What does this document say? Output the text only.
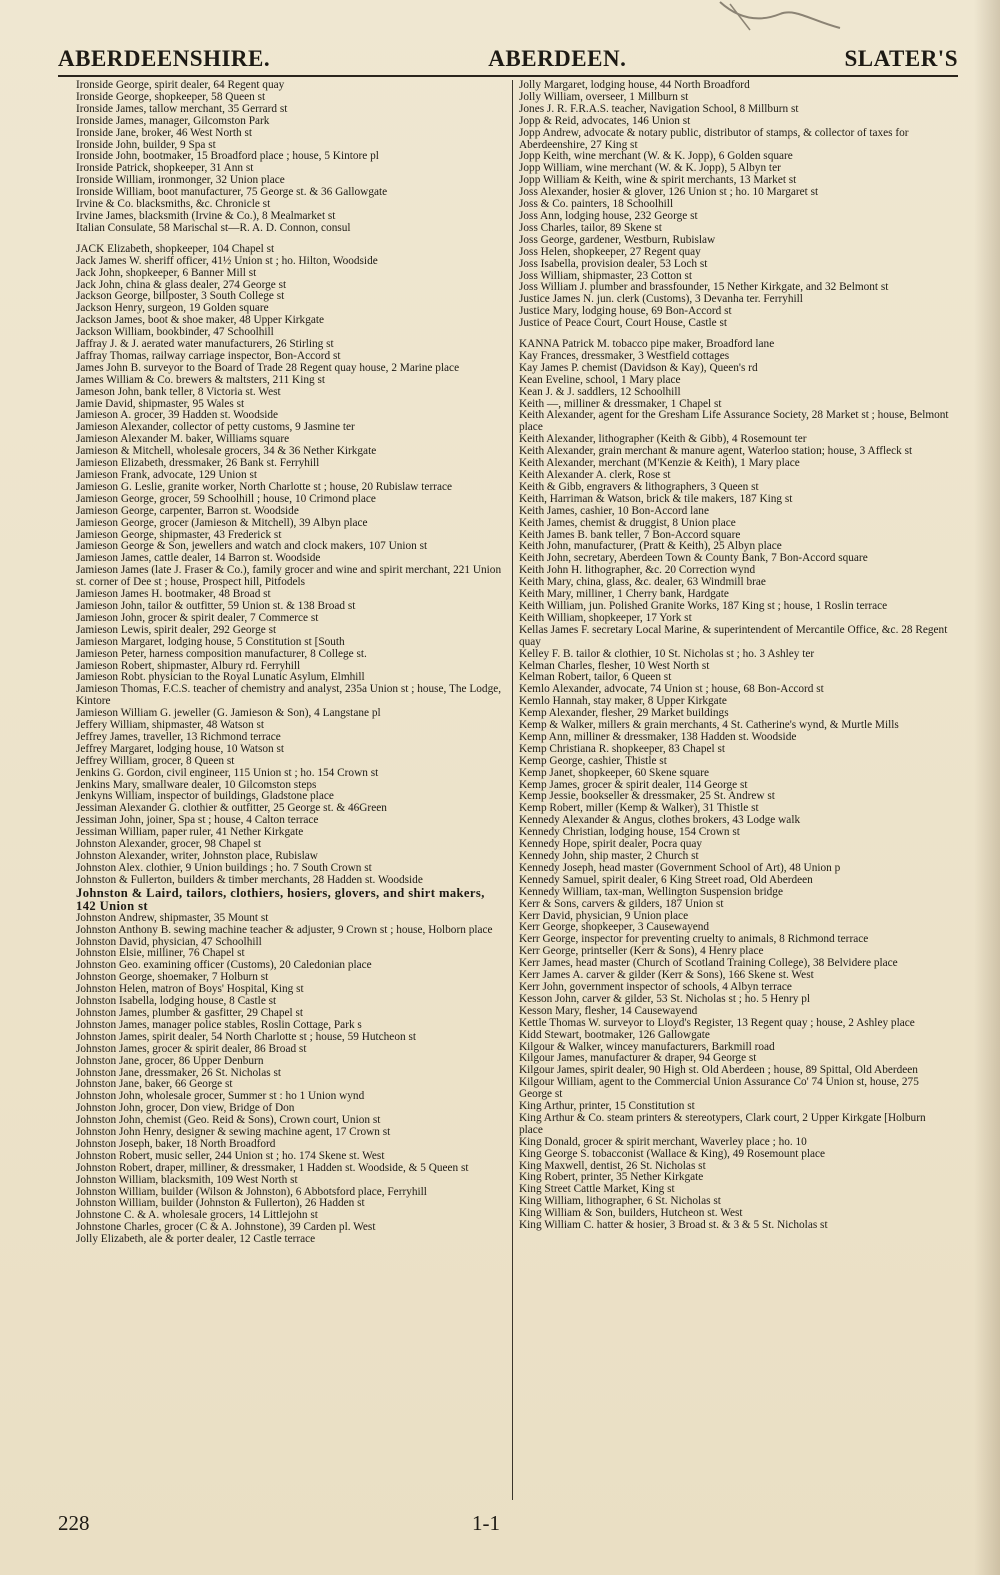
ABERDEENSHIRE.	ABERDEEN.	SLATER'S
Ironside George, spirit dealer, 64 Regent quay
Ironside George, shopkeeper, 58 Queen st
Ironside James, tallow merchant, 35 Gerrard st
Ironside James, manager, Gilcomston Park
Ironside Jane, broker, 46 West North st
Ironside John, builder, 9 Spa st
Ironside John, bootmaker, 15 Broadford place ; house, 5 Kintore pl
Ironside Patrick, shopkeeper, 31 Ann st
Ironside William, ironmonger, 32 Union place
Ironside William, boot manufacturer, 75 George st. & 36 Gallowgate
Irvine & Co. blacksmiths, &c. Chronicle st
Irvine James, blacksmith (Irvine & Co.), 8 Mealmarket st
Italian Consulate, 58 Marischal st—R. A. D. Connon, consul
JACK Elizabeth, shopkeeper, 104 Chapel st
Jack James W. sheriff officer, 41½ Union st ; ho. Hilton, Woodside
Jack John, shopkeeper, 6 Banner Mill st
Jack John, china & glass dealer, 274 George st
Jackson George, billposter, 3 South College st
Jackson Henry, surgeon, 19 Golden square
Jackson James, boot & shoe maker, 48 Upper Kirkgate
Jackson William, bookbinder, 47 Schoolhill
Jaffray J. & J. aerated water manufacturers, 26 Stirling st
Jaffray Thomas, railway carriage inspector, Bon-Accord st
James John B. surveyor to the Board of Trade 28 Regent quay house, 2 Marine place
James William & Co. brewers & maltsters, 211 King st
Jameson John, bank teller, 8 Victoria st. West
Jamie David, shipmaster, 95 Wales st
Jamieson A. grocer, 39 Hadden st. Woodside
Jamieson Alexander, collector of petty customs, 9 Jasmine ter
Jamieson Alexander M. baker, Williams square
Jamieson & Mitchell, wholesale grocers, 34 & 36 Nether Kirkgate
Jamieson Elizabeth, dressmaker, 26 Bank st. Ferryhill
Jamieson Frank, advocate, 129 Union st
Jamieson G. Leslie, granite worker, North Charlotte st ; house, 20 Rubislaw terrace
Jamieson George, grocer, 59 Schoolhill ; house, 10 Crimond place
Jamieson George, carpenter, Barron st. Woodside
Jamieson George, grocer (Jamieson & Mitchell), 39 Albyn place
Jamieson George, shipmaster, 43 Frederick st
Jamieson George & Son, jewellers and watch and clock makers, 107 Union st
Jamieson James, cattle dealer, 14 Barron st. Woodside
Jamieson James (late J. Fraser & Co.), family grocer and wine and spirit merchant, 221 Union st. corner of Dee st ; house, Prospect hill, Pitfodels
Jamieson James H. bootmaker, 48 Broad st
Jamieson John, tailor & outfitter, 59 Union st. & 138 Broad st
Jamieson John, grocer & spirit dealer, 7 Commerce st
Jamieson Lewis, spirit dealer, 292 George st
Jamieson Margaret, lodging house, 5 Constitution st [South
Jamieson Peter, harness composition manufacturer, 8 College st.
Jamieson Robert, shipmaster, Albury rd. Ferryhill
Jamieson Robt. physician to the Royal Lunatic Asylum, Elmhill
Jamieson Thomas, F.C.S. teacher of chemistry and analyst, 235a Union st ; house, The Lodge, Kintore
Jamieson William G. jeweller (G. Jamieson & Son), 4 Langstane pl
Jeffery William, shipmaster, 48 Watson st
Jeffrey James, traveller, 13 Richmond terrace
Jeffrey Margaret, lodging house, 10 Watson st
Jeffrey William, grocer, 8 Queen st
Jenkins G. Gordon, civil engineer, 115 Union st ; ho. 154 Crown st
Jenkins Mary, smallware dealer, 10 Gilcomston steps
Jenkyns William, inspector of buildings, Gladstone place
Jessiman Alexander G. clothier & outfitter, 25 George st. & 46Green
Jessiman John, joiner, Spa st ; house, 4 Calton terrace
Jessiman William, paper ruler, 41 Nether Kirkgate
Johnston Alexander, grocer, 98 Chapel st
Johnston Alexander, writer, Johnston place, Rubislaw
Johnston Alex. clothier, 9 Union buildings ; ho. 7 South Crown st
Johnston & Fullerton, builders & timber merchants, 28 Hadden st. Woodside
Johnston & Laird, tailors, clothiers, hosiers, glovers, and shirt makers, 142 Union st
Johnston Andrew, shipmaster, 35 Mount st
Johnston Anthony B. sewing machine teacher & adjuster, 9 Crown st ; house, Holborn place
Johnston David, physician, 47 Schoolhill
Johnston Elsie, milliner, 76 Chapel st
Johnston Geo. examining officer (Customs), 20 Caledonian place
Johnston George, shoemaker, 7 Holburn st
Johnston Helen, matron of Boys' Hospital, King st
Johnston Isabella, lodging house, 8 Castle st
Johnston James, plumber & gasfitter, 29 Chapel st
Johnston James, manager police stables, Roslin Cottage, Park s
Johnston James, spirit dealer, 54 North Charlotte st ; house, 59 Hutcheon st
Johnston James, grocer & spirit dealer, 86 Broad st
Johnston Jane, grocer, 86 Upper Denburn
Johnston Jane, dressmaker, 26 St. Nicholas st
Johnston Jane, baker, 66 George st
Johnston John, wholesale grocer, Summer st : ho 1 Union wynd
Johnston John, grocer, Don view, Bridge of Don
Johnston John, chemist (Geo. Reid & Sons), Crown court, Union st
Johnston John Henry, designer & sewing machine agent, 17 Crown st
Johnston Joseph, baker, 18 North Broadford
Johnston Robert, music seller, 244 Union st ; ho. 174 Skene st. West
Johnston Robert, draper, milliner, & dressmaker, 1 Hadden st. Woodside, & 5 Queen st
Johnston William, blacksmith, 109 West North st
Johnston William, builder (Wilson & Johnston), 6 Abbotsford place, Ferryhill
Johnston William, builder (Johnston & Fullerton), 26 Hadden st
Johnstone C. & A. wholesale grocers, 14 Littlejohn st
Johnstone Charles, grocer (C & A. Johnstone), 39 Carden pl. West
Jolly Elizabeth, ale & porter dealer, 12 Castle terrace
Jolly Margaret, lodging house, 44 North Broadford
Jolly William, overseer, 1 Millburn st
Jones J. R. F.R.A.S. teacher, Navigation School, 8 Millburn st
Jopp & Reid, advocates, 146 Union st
Jopp Andrew, advocate & notary public, distributor of stamps, & collector of taxes for Aberdeenshire, 27 King st
Jopp Keith, wine merchant (W. & K. Jopp), 6 Golden square
Jopp William, wine merchant (W. & K. Jopp), 5 Albyn ter
Jopp William & Keith, wine & spirit merchants, 13 Market st
Joss Alexander, hosier & glover, 126 Union st ; ho. 10 Margaret st
Joss & Co. painters, 18 Schoolhill
Joss Ann, lodging house, 232 George st
Joss Charles, tailor, 89 Skene st
Joss George, gardener, Westburn, Rubislaw
Joss Helen, shopkeeper, 27 Regent quay
Joss Isabella, provision dealer, 53 Loch st
Joss William, shipmaster, 23 Cotton st
Joss William J. plumber and brassfounder, 15 Nether Kirkgate, and 32 Belmont st
Justice James N. jun. clerk (Customs), 3 Devanha ter. Ferryhill
Justice Mary, lodging house, 69 Bon-Accord st
Justice of Peace Court, Court House, Castle st
KANNA Patrick M. tobacco pipe maker, Broadford lane
Kay Frances, dressmaker, 3 Westfield cottages
Kay James P. chemist (Davidson & Kay), Queen's rd
Kean Eveline, school, 1 Mary place
Kean J. & J. saddlers, 12 Schoolhill
Keith —, milliner & dressmaker, 1 Chapel st
Keith Alexander, agent for the Gresham Life Assurance Society, 28 Market st ; house, Belmont place
Keith Alexander, lithographer (Keith & Gibb), 4 Rosemount ter
Keith Alexander, grain merchant & manure agent, Waterloo station; house, 3 Affleck st
Keith Alexander, merchant (M'Kenzie & Keith), 1 Mary place
Keith Alexander A. clerk, Rose st
Keith & Gibb, engravers & lithographers, 3 Queen st
Keith, Harriman & Watson, brick & tile makers, 187 King st
Keith James, cashier, 10 Bon-Accord lane
Keith James, chemist & druggist, 8 Union place
Keith James B. bank teller, 7 Bon-Accord square
Keith John, manufacturer, (Pratt & Keith), 25 Albyn place
Keith John, secretary, Aberdeen Town & County Bank, 7 Bon-Accord square
Keith John H. lithographer, &c. 20 Correction wynd
Keith Mary, china, glass, &c. dealer, 63 Windmill brae
Keith Mary, milliner, 1 Cherry bank, Hardgate
Keith William, jun. Polished Granite Works, 187 King st ; house, 1 Roslin terrace
Keith William, shopkeeper, 17 York st
Kellas James F. secretary Local Marine, & superintendent of Mercantile Office, &c. 28 Regent quay
Kelley F. B. tailor & clothier, 10 St. Nicholas st ; ho. 3 Ashley ter
Kelman Charles, flesher, 10 West North st
Kelman Robert, tailor, 6 Queen st
Kemlo Alexander, advocate, 74 Union st ; house, 68 Bon-Accord st
Kemlo Hannah, stay maker, 8 Upper Kirkgate
Kemp Alexander, flesher, 29 Market buildings
Kemp & Walker, millers & grain merchants, 4 St. Catherine's wynd, & Murtle Mills
Kemp Ann, milliner & dressmaker, 138 Hadden st. Woodside
Kemp Christiana R. shopkeeper, 83 Chapel st
Kemp George, cashier, Thistle st
Kemp Janet, shopkeeper, 60 Skene square
Kemp James, grocer & spirit dealer, 114 George st
Kemp Jessie, bookseller & dressmaker, 25 St. Andrew st
Kemp Robert, miller (Kemp & Walker), 31 Thistle st
Kennedy Alexander & Angus, clothes brokers, 43 Lodge walk
Kennedy Christian, lodging house, 154 Crown st
Kennedy Hope, spirit dealer, Pocra quay
Kennedy John, ship master, 2 Church st
Kennedy Joseph, head master (Government School of Art), 48 Union p
Kennedy Samuel, spirit dealer, 6 King Street road, Old Aberdeen
Kennedy William, tax-man, Wellington Suspension bridge
Kerr & Sons, carvers & gilders, 187 Union st
Kerr David, physician, 9 Union place
Kerr George, shopkeeper, 3 Causewayend
Kerr George, inspector for preventing cruelty to animals, 8 Richmond terrace
Kerr George, printseller (Kerr & Sons), 4 Henry place
Kerr James, head master (Church of Scotland Training College), 38 Belvidere place
Kerr James A. carver & gilder (Kerr & Sons), 166 Skene st. West
Kerr John, government inspector of schools, 4 Albyn terrace
Kesson John, carver & gilder, 53 St. Nicholas st ; ho. 5 Henry pl
Kesson Mary, flesher, 14 Causewayend
Kettle Thomas W. surveyor to Lloyd's Register, 13 Regent quay ; house, 2 Ashley place
Kidd Stewart, bootmaker, 126 Gallowgate
Kilgour & Walker, wincey manufacturers, Barkmill road
Kilgour James, manufacturer & draper, 94 George st
Kilgour James, spirit dealer, 90 High st. Old Aberdeen ; house, 89 Spittal, Old Aberdeen
Kilgour William, agent to the Commercial Union Assurance Co' 74 Union st, house, 275 George st
King Arthur, printer, 15 Constitution st
King Arthur & Co. steam printers & stereotypers, Clark court, 2 Upper Kirkgate [Holburn place
King Donald, grocer & spirit merchant, Waverley place ; ho. 10
King George S. tobacconist (Wallace & King), 49 Rosemount place
King Maxwell, dentist, 26 St. Nicholas st
King Robert, printer, 35 Nether Kirkgate
King Street Cattle Market, King st
King William, lithographer, 6 St. Nicholas st
King William & Son, builders, Hutcheon st. West
King William C. hatter & hosier, 3 Broad st. & 3 & 5 St. Nicholas st
228	1-1
